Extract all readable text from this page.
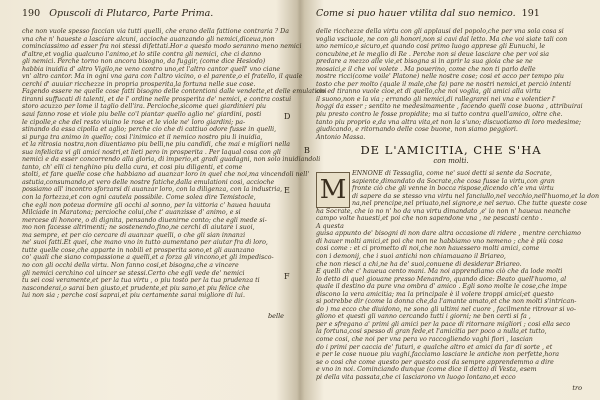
190 Opuscoli di Plutarco, Parte Prima.
che non vuole spesso faccian via tutti quelli, che erano della fattione contraria ? Da
vna che n' haueste a lasciare alcuni, accioche auanzando gli nemici,diceua,non
cominciassimo ad esser fra noi stessi difettati.Hor a questo modo seranno meno nemici
d'altre,et voglia qualcuno l'animo,et lo stile contra gli nemici, che ci danno
gli nemici. Perche torno non ancora bisogno, da fuggir, (come dice Hesiodo)
habbia inuidia d' altro Vigilo,ne veno contro uno,et l'altro cantor quell' vno ciane
vn' altro cantor. Ma in ogni vna gara con l'altro vicino, o el parente,o el fratello, il quale
cerchi d' auuiar ricchezze in propria prosperita,la fortuna nelle sue cose.
Fagendo essere ne quelle cose fatti bisogno delle contentioni dalle vendette,et delle emulationi
tiranni suffucati di talenti, et de l' ordine nelle prosperita de' nemici, e contra costui
storo acuzzo per lome il taglio dell'ira. Percioche,sicome quei giardinieri piu
saui fanno rose et viole piu belle co'l piantar quello aglio ne' giardini, posti
le cipolle,e che del resto viuino le rose et le viole ne' loro giardini; pa-
stinando da essa cipolla et aglio; perche cio che di cattiuo odore fusse in quelli,
si purga tra animo in quello; cosi l'inimico et il nemico nostro piu li inuidia,
et la ritrosia nostra,non diuentiamo piu belli,ne piu candidi, che mai e migliori nella
sua infelicita vi gli amici nostri,et lieti pero in prosperita . Per laqual cosa con gli
nemici e da esser concorrendo alla gloria, di imperio,et gradi guadagni, non solo inuidiandoli
tanto, ch' elli ci tenghino piu della cura, et cosi piu diligenti, et come
stolti, et fare quelle cose che habbiano ad auanzar loro in quel che noi,ma vincendoli nell'
astutia,consumando,et vero delle nostre fatiche,dalla emulationi cosi, accioche
possiamo all' incontro sforzarsi di auanzar loro, con la diligenza, con la industria,
con la fortezza,et con ogni cautela possibile. Come solea dire Temistocle,
che egli non poteua dormire gli occhi al sonno, per la vittoria c' hauea hauuta
Milciade in Maratona; percioche colui,che t' auanzisse d' animo, e si
mercese di honore, o di dignita, pensando diuenirne conto; che egli mede si-
mo non facesse altrimenti; ne sostenendo,fino,ne cerchi di aiutare i suoi,
ma sempre, et per cio cercare di auanzar quelli, o che gli sian innanzi
ne' suoi fatti.Et quei, che mano vno in tutto aumentano per aiutar fra di loro,
tutte quelle cose,che apparte in nobili et prosperita sono,et gli auanzano
co' quali che siano compassione a quelli,et a forza gli vincono,et gli impedisco-
no con gli occhi della virtu. Non fanno cosi,et bisogna,che a vincere
gli nemici cerchino col uincer se stessi.Certo che egli vede de' nemici
tu sei cosi veramente,et per la tua virtu , o piu tosto per la tua prudenza ti
nasconderai,o sarai ben giusto,et prudente,et piu sano,et piu felice che
lui non sia ; perche cosi saprai,et piu certamente sarai migliore di lui.
D
E
F
belle
Come si puo hauer vtilita dal suo nemico. 191
delle ricchezze della virtu con gli applausi del popolo,che per vna sola cosa si
voglia vsciuole, ne con gli honori,non si cavi dal letto. Ma che voi siate tali con
uno nemico,e sicuro,et quando cosi primo luogo apprese gli Eunuchi, le
concubine,et le meglio di Re . Perche non si deue lasciare che per voi sia
predare a mezzo alle vie,et bisogna si in aprir la sua gioia che se ne
mosaici,e il che voi volete . Ma pouerino, come che non ti parlo delle
nostre ricci(come voile' Platone) nelle nostre cose; cosi et acco per tempo piu
tosto che per molto (quale il male,che fa) pare ne nostri nemici,et perciò intenti
cio ed tiranno vuole cioe,et di quello,che noi voglia, gli amici alla virtu
il suono,non e la via ; errando gli nemici,di rallegrarei nei vna e volentier l'
hoggi da esser ; sentito ne medesimamente , facendo quelli cose buona , attribuirai
piu presto contro le fosse propidite; ma si tutto contra quell'amico, oltre che.
tanto piu proprio e,da vna altra vita,et non la s'uno; discuotiamo di loro medesime;
giudicando, e ritornando delle cose buone, non siamo peggiori.
Antonio Massa.
B	DE L'AMICITIA, CHE S'HA
con molti.
M
ENNONE di Tessaglia, come ne' suoi detti si sente da Socrate,
sapiente,dimandato da Socrate,che cosa fusse la virtu,con gran
fronte ciò che gli venne in bocca rispose,dicendo ch'e vna virtu
di sapere da se stesso vna virtu nel fanciullo,nel vecchio,nell'huomo,et la don
na,nel prencipe,nel priuato,nel signore,e nel seruo. Che tutte queste cose
ha Socrate, che io no n' ho da vna virtu dimandato ,e' io non n' haueua neanche
campo volte hauesti,et poi che non sapendone vna , ne pescasti cento .
A questa
guisa appunto de' bisogni di non dare altra occasione di ridere , mentre cerchiamo
di hauer molti amici,et poi che non ne habbiamo vno nemeno ; che è più cosa
cosi come : et ci prometto di noi,che non hauessero molti amici, come
con i demonij, che i suoi antichi non chiamauano il Briareo,
che non riesci a chi,ne ha de' suoi,conuene di desiderar Briareo.
E quelli che c' haueua cento mani. Ma noi apprendiamo ciò che da lode molti
lo detto di quel giouane presso Menandro, quando dice: Beato quell'huomo, al
quale il destino da pure vna ombra d' amico . Egli sono molte le cose,che impe
discono la vera amicitia; ma la principale è il volere troppi amici;et questo
si potrebbe dir (come la donna che,da l'amante amato,et che non molti s'intrican-
do ) ma ecco che diuidono, ne sono gli ultimi nel cuore , facilmente ritrovar si vo-
gliono et questi gli vanno cercando tutti i giorni; ne ben certi si fa ,
per e sfregano a' primi gli amici per la pace di ritornare migliori ; cosi ella seco
la fortuna,cosi spesso di gran fede,et l'amicitia per poco a nulla,et tutto,
come cosi, che noi per vna pera vo raccogliendo vaghi fiori , lascian
do i primi per caccia de' futuri, e qualche altro et amici da far di sorte , et
e per le cose nuoue piu vaghi,facciamo lasciare le antiche non perfette,hora
se o cosi che come questo per questo cosi da sempre apprendemmo a dire
e vno in noi. Cominciando dunque (come dice il detto) di Vesta, esem
pi della vita passata,che ci lasciarono vn luogo lontano,et ecco
tro
